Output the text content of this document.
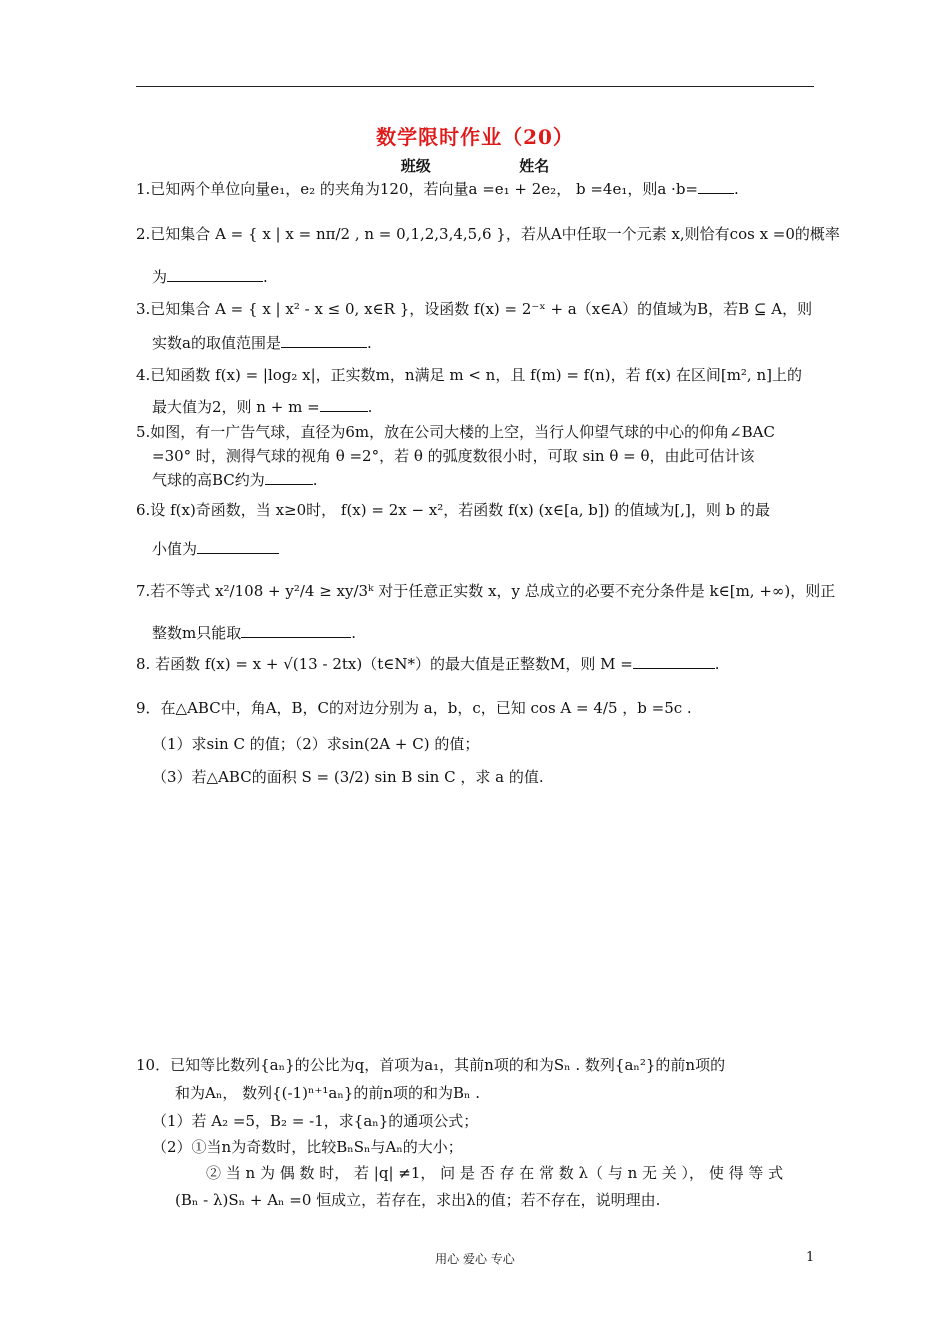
数学限时作业（20）
班级	姓名
1.已知两个单位向量e₁，e₂ 的夹角为120，若向量a =e₁ + 2e₂， b =4e₁，则a ·b= .
2.已知集合 A = { x | x = nπ/2 , n = 0,1,2,3,4,5,6 }，若从A中任取一个元素 x,则恰有cos x =0的概率
为	.
3.已知集合 A = { x | x² - x ≤ 0, x∈R }，设函数 f(x) = 2⁻ˣ + a（x∈A）的值域为B，若B ⊆ A，则
实数a的取值范围是	.
4.已知函数 f(x) = |log₂ x|，正实数m，n满足 m < n，且 f(m) = f(n)，若 f(x) 在区间[m², n]上的
最大值为2，则 n + m =	.
5.如图，有一广告气球，直径为6m，放在公司大楼的上空，当行人仰望气球的中心的仰角∠BAC
=30° 时，测得气球的视角 θ =2°，若 θ 的弧度数很小时，可取 sin θ = θ，由此可估计该
气球的高BC约为	.
6.设 f(x)奇函数，当 x≥0时， f(x) = 2x − x²，若函数 f(x) (x∈[a, b]) 的值域为[,]，则 b 的最
小值为
7.若不等式 x²/108 + y²/4 ≥ xy/3ᵏ 对于任意正实数 x，y 总成立的必要不充分条件是 k∈[m, +∞)，则正
整数m只能取	.
8. 若函数 f(x) = x + √(13 - 2tx)（t∈N*）的最大值是正整数M，则 M =	.
9．在△ABC中，角A，B，C的对边分别为 a，b，c，已知 cos A = 4/5 ，b =5c .
（1）求sin C 的值；（2）求sin(2A + C) 的值；
（3）若△ABC的面积 S = (3/2) sin B sin C ，求 a 的值.
10．已知等比数列{aₙ}的公比为q，首项为a₁，其前n项的和为Sₙ . 数列{aₙ²}的前n项的
和为Aₙ， 数列{(-1)ⁿ⁺¹aₙ}的前n项的和为Bₙ .
（1）若 A₂ =5，B₂ = -1，求{aₙ}的通项公式；
（2）①当n为奇数时，比较BₙSₙ与Aₙ的大小；
② 当 n 为 偶 数 时， 若 |q| ≠1， 问 是 否 存 在 常 数 λ（ 与 n 无 关 ）， 使 得 等 式
(Bₙ - λ)Sₙ + Aₙ =0 恒成立，若存在，求出λ的值；若不存在，说明理由.
用心 爱心 专心	1
